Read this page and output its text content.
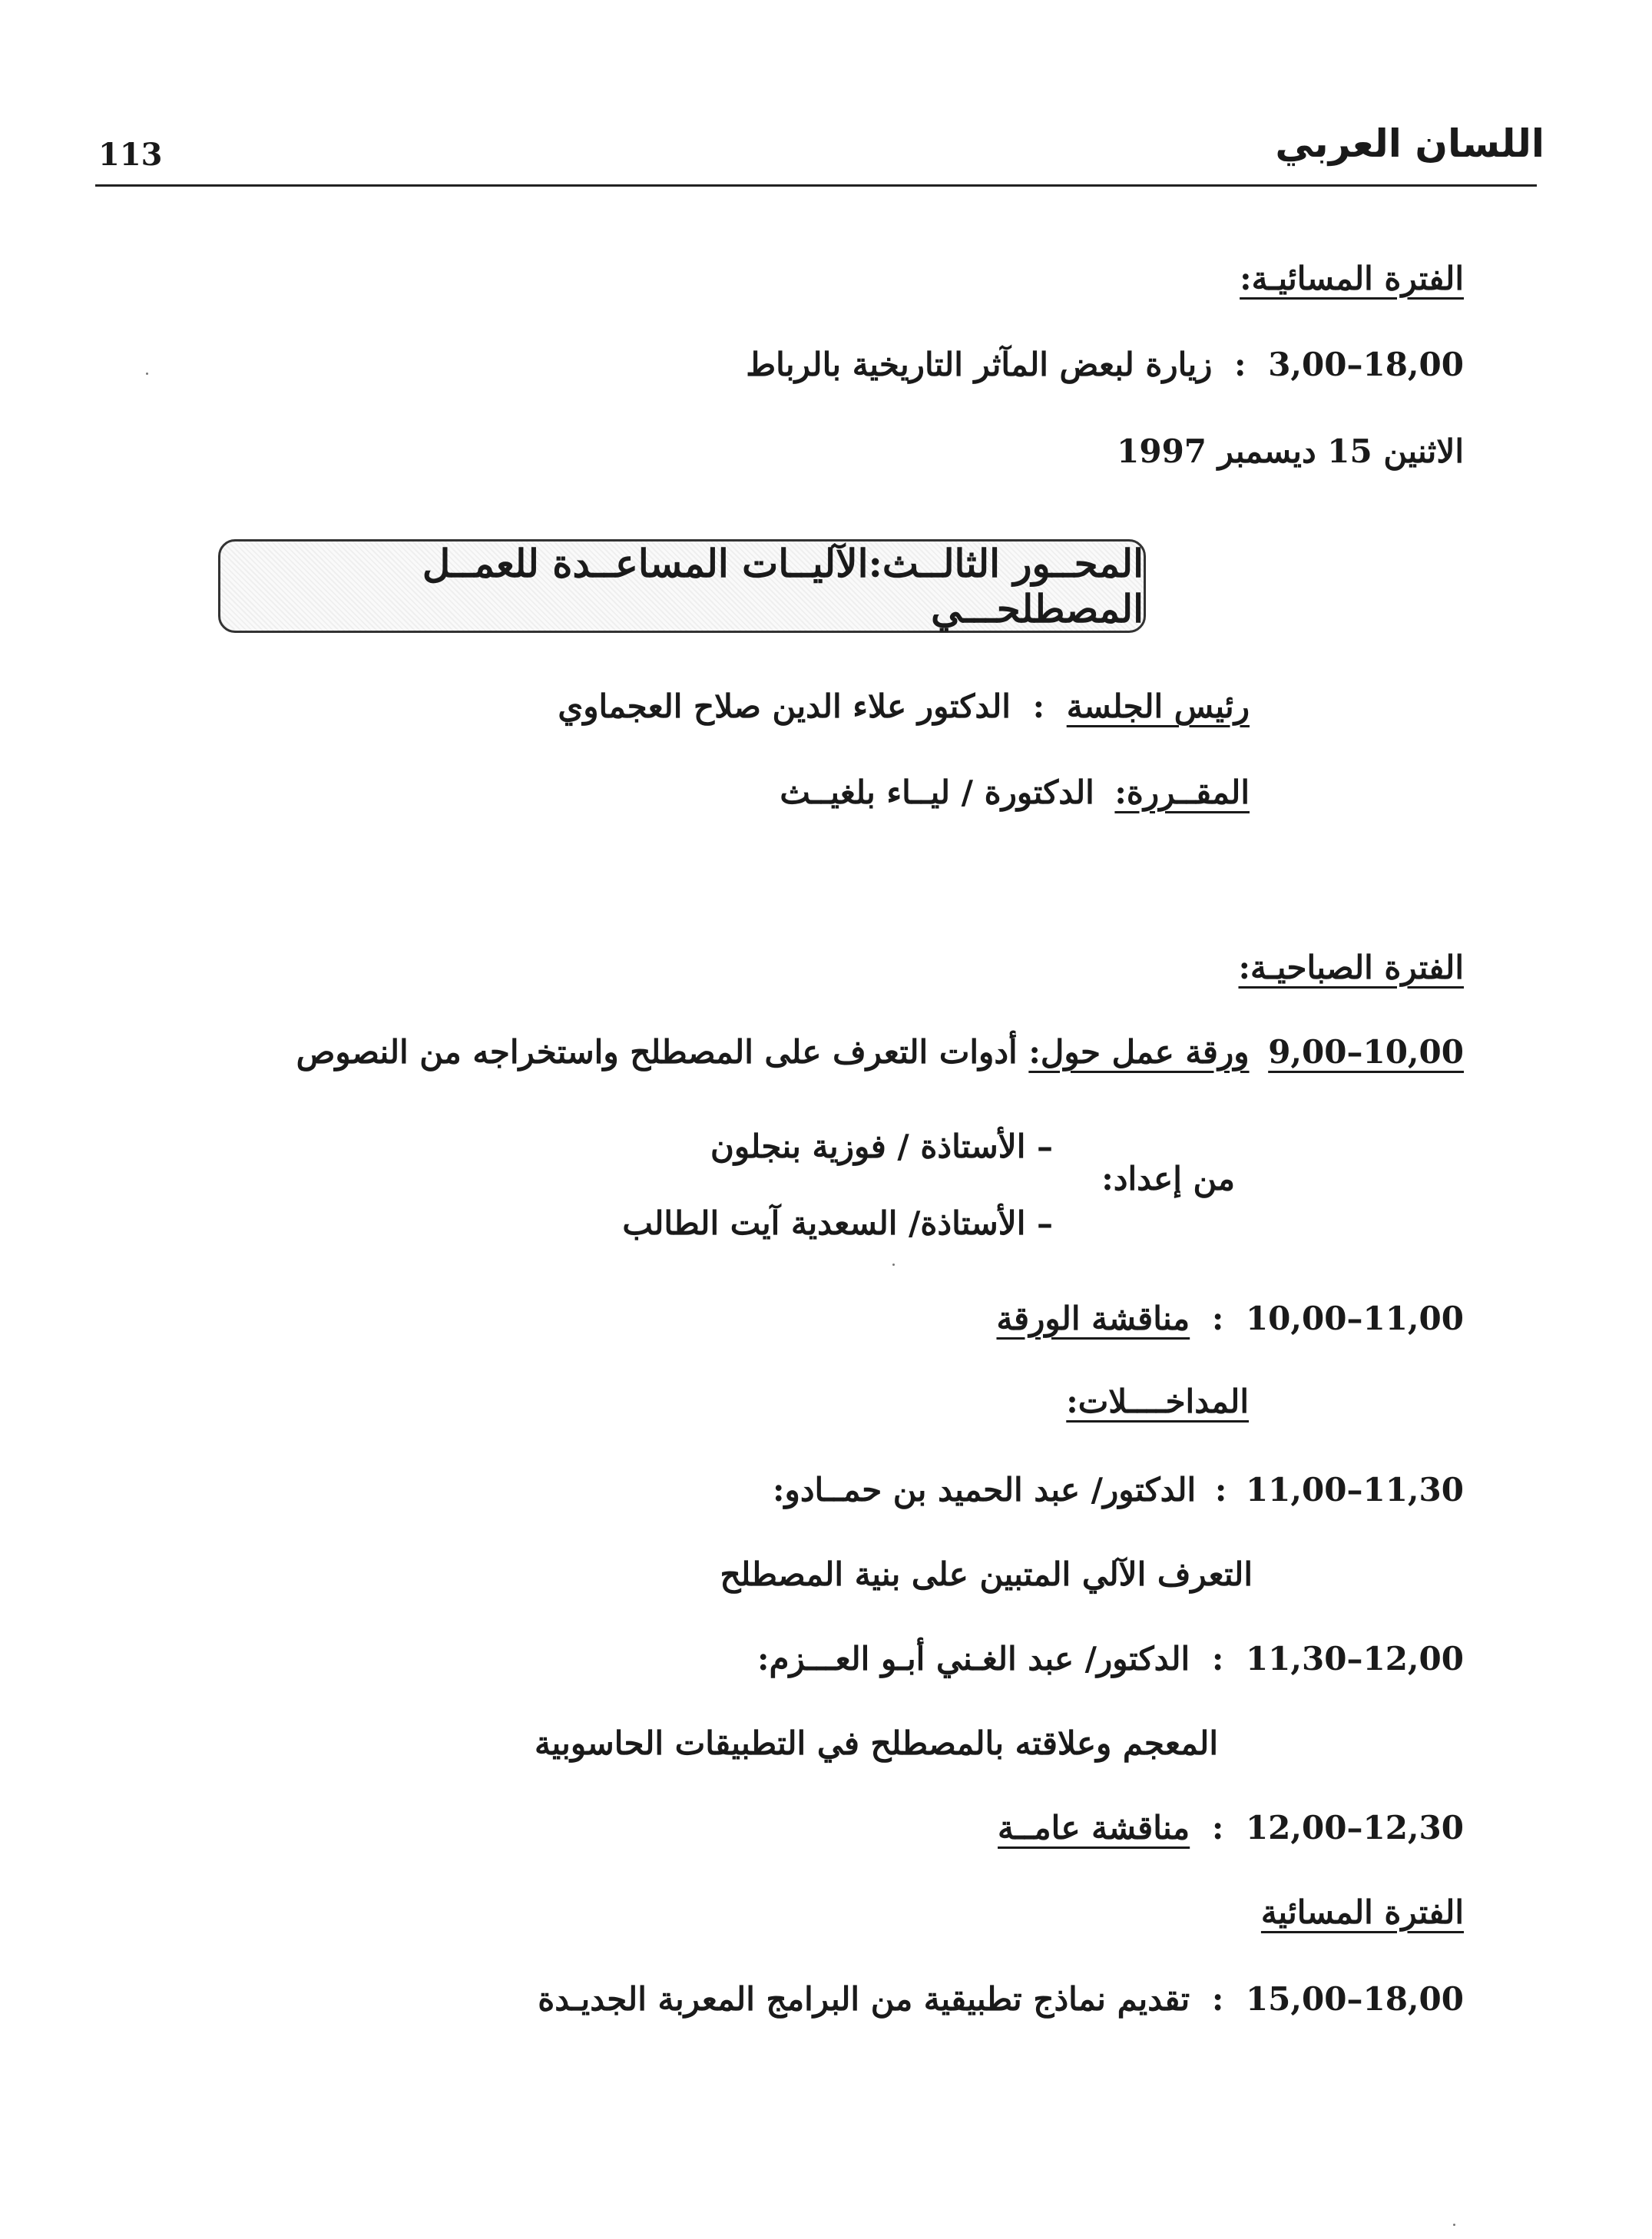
113	اللسان العربي
الفترة المسائيـة:
3,00–18,00 : زيارة لبعض المآثر التاريخية بالرباط
الاثنين 15 ديسمبر 1997
المحــور الثالــث:الآليــات المساعــدة للعمــل المصطلحـــي
رئيس الجلسة : الدكتور علاء الدين صلاح العجماوي
المقــررة: الدكتورة / ليــاء بلغيــث
الفترة الصباحيـة:
9,00–10,00 ورقة عمل حول: أدوات التعرف على المصطلح واستخراجه من النصوص
من إعداد:
– الأستاذة / فوزية بنجلون
– الأستاذة/ السعدية آيت الطالب
10,00–11,00 : مناقشة الورقة
المداخــــلات:
11,00–11,30 : الدكتور/ عبد الحميد بن حمــادو:
التعرف الآلي المتبين على بنية المصطلح
11,30–12,00 : الدكتور/ عبد الغـني أبـو العـــزم:
المعجم وعلاقته بالمصطلح في التطبيقات الحاسوبية
12,00–12,30 : مناقشة عامــة
الفترة المسائية
15,00–18,00 : تقديم نماذج تطبيقية من البرامج المعربة الجديـدة
